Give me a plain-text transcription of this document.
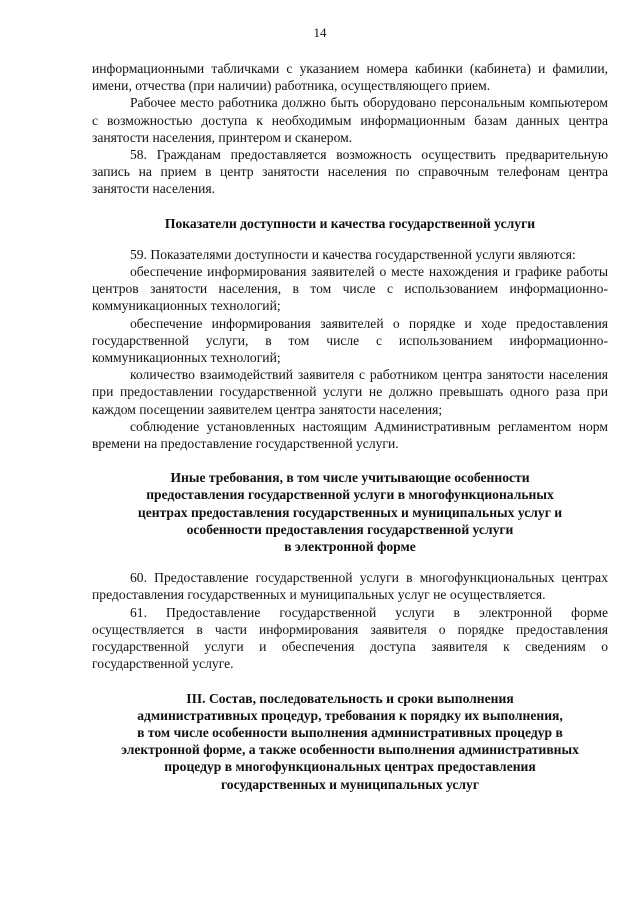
14

информационными табличками с указанием номера кабинки (кабинета) и фамилии, имени, отчества (при наличии) работника, осуществляющего прием.

Рабочее место работника должно быть оборудовано персональным компьютером с возможностью доступа к необходимым информационным базам данных центра занятости населения, принтером и сканером.

58. Гражданам предоставляется возможность осуществить предварительную запись на прием в центр занятости населения по справочным телефонам центра занятости населения.

Показатели доступности и качества государственной услуги

59. Показателями доступности и качества государственной услуги являются:

обеспечение информирования заявителей о месте нахождения и графике работы центров занятости населения, в том числе с использованием информационно-коммуникационных технологий;

обеспечение информирования заявителей о порядке и ходе предоставления государственной услуги, в том числе с использованием информационно-коммуникационных технологий;

количество взаимодействий заявителя с работником центра занятости населения при предоставлении государственной услуги не должно превышать одного раза при каждом посещении заявителем центра занятости населения;

соблюдение установленных настоящим Административным регламентом норм времени на предоставление государственной услуги.

Иные требования, в том числе учитывающие особенности
предоставления государственной услуги в многофункциональных
центрах предоставления государственных и муниципальных услуг и
особенности предоставления государственной услуги
в электронной форме

60. Предоставление государственной услуги в многофункциональных центрах предоставления государственных и муниципальных услуг не осуществляется.

61. Предоставление государственной услуги в электронной форме осуществляется в части информирования заявителя о порядке предоставления государственной услуги и обеспечения доступа заявителя к сведениям о государственной услуге.

III. Состав, последовательность и сроки выполнения
административных процедур, требования к порядку их выполнения,
в том числе особенности выполнения административных процедур в
электронной форме, а также особенности выполнения административных
процедур в многофункциональных центрах предоставления
государственных и муниципальных услуг
